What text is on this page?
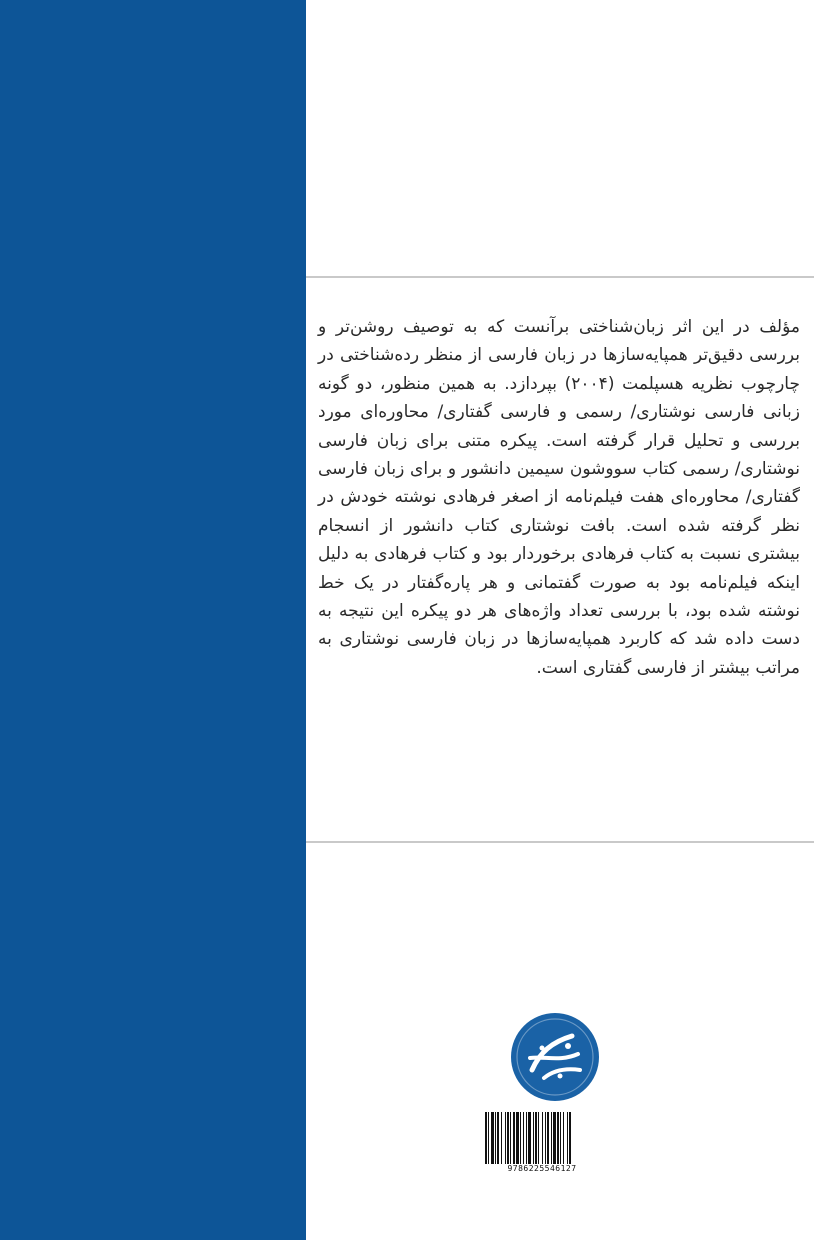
مؤلف در این اثر زبان‌شناختی برآنست که به توصیف روشن‌تر و بررسی دقیق‌تر همپایه‌سازها در زبان فارسی از منظر رده‌شناختی در چارچوب نظریه هسپلمت (۲۰۰۴) بپردازد. به همین منظور، دو گونه زبانی فارسی نوشتاری/ رسمی و فارسی گفتاری/ محاوره‌ای مورد بررسی و تحلیل قرار گرفته است. پیکره متنی برای زبان فارسی نوشتاری/ رسمی کتاب سووشون سیمین دانشور و برای زبان فارسی گفتاری/ محاوره‌ای هفت فیلم‌نامه از اصغر فرهادی نوشته خودش در نظر گرفته شده است. بافت نوشتاری کتاب دانشور از انسجام بیشتری نسبت به کتاب فرهادی برخوردار بود و کتاب فرهادی به دلیل اینکه فیلم‌نامه بود به صورت گفتمانی و هر پاره‌گفتار در یک خط نوشته شده بود، با بررسی تعداد واژه‌های هر دو پیکره این نتیجه به دست داده شد که کاربرد همپایه‌سازها در زبان فارسی نوشتاری به مراتب بیشتر از فارسی گفتاری است.

9786225546127
